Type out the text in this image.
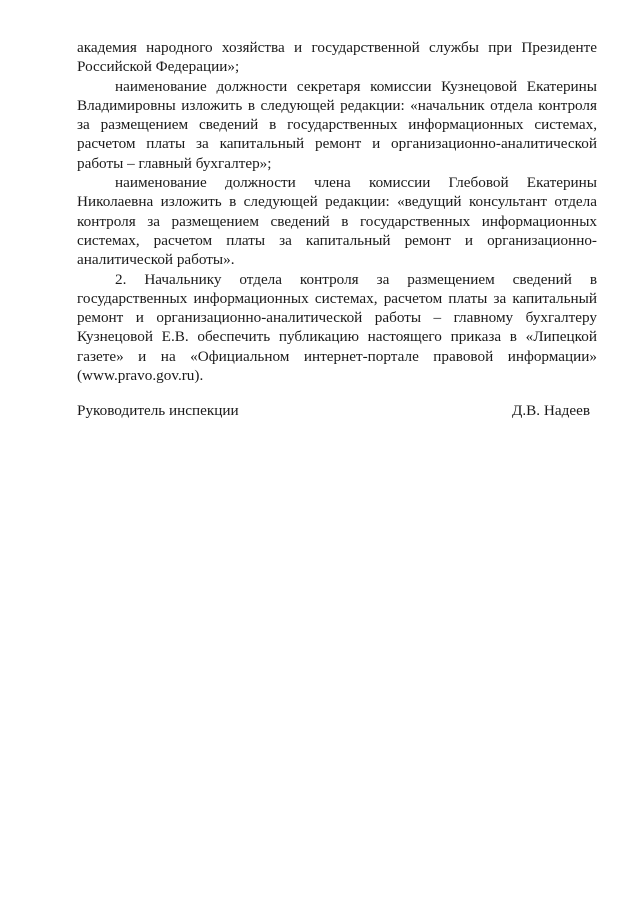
академия народного хозяйства и государственной службы при Президенте Российской Федерации»;

наименование должности секретаря комиссии Кузнецовой Екатерины Владимировны изложить в следующей редакции: «начальник отдела контроля за размещением сведений в государственных информационных системах, расчетом платы за капитальный ремонт и организационно-аналитической работы – главный бухгалтер»;

наименование должности члена комиссии Глебовой Екатерины Николаевна изложить в следующей редакции: «ведущий консультант отдела контроля за размещением сведений в государственных информационных системах, расчетом платы за капитальный ремонт и организационно-аналитической работы».

2. Начальнику отдела контроля за размещением сведений в государственных информационных системах, расчетом платы за капитальный ремонт и организационно-аналитической работы – главному бухгалтеру Кузнецовой Е.В. обеспечить публикацию настоящего приказа в «Липецкой газете» и на «Официальном интернет-портале правовой информации» (www.pravo.gov.ru).

Руководитель инспекции	Д.В. Надеев
